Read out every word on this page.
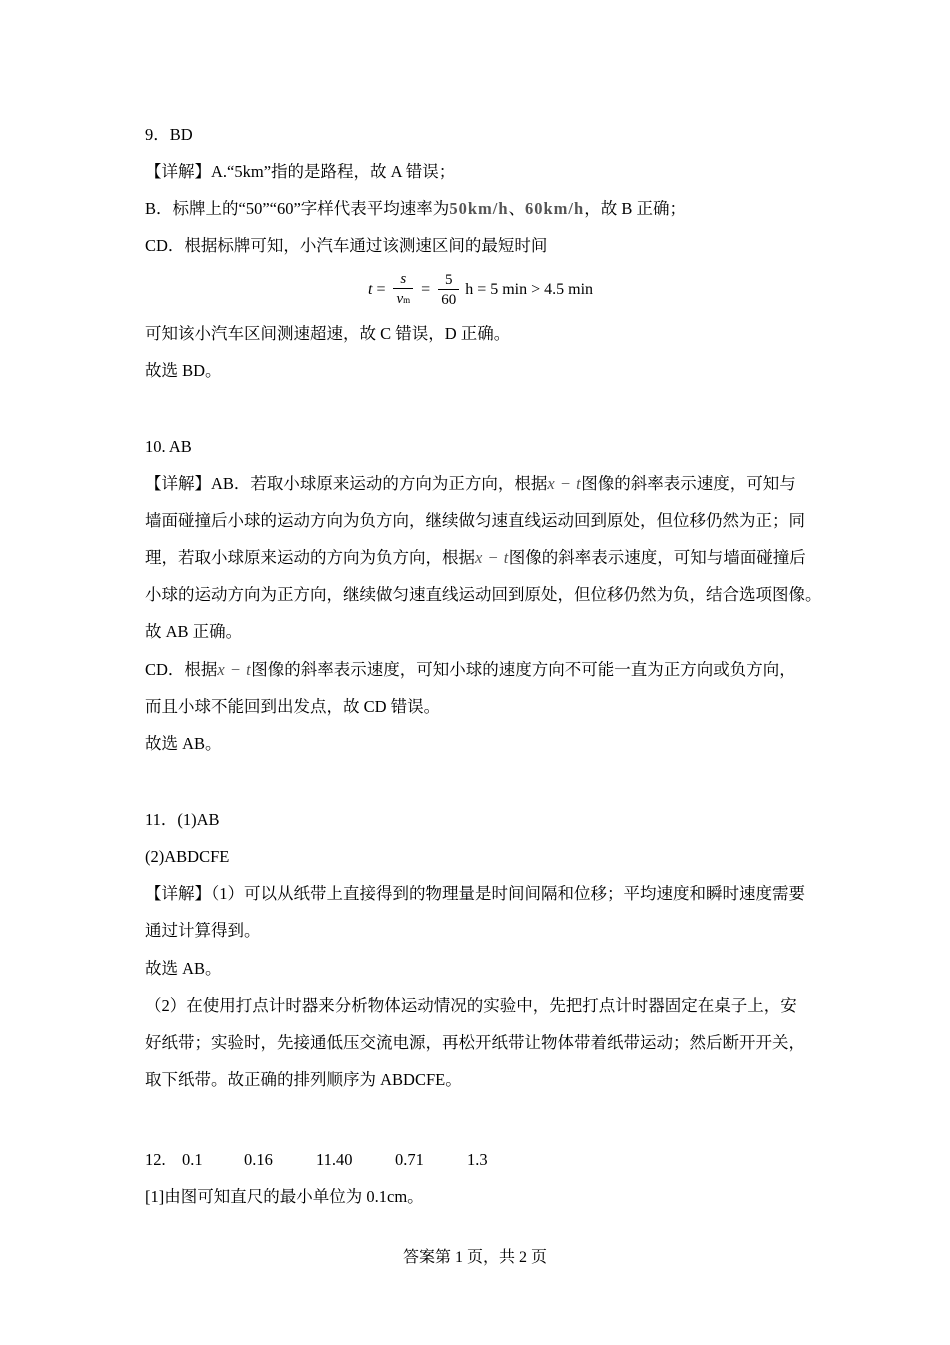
9．BD
【详解】A.“5km”指的是路程，故 A 错误；
B．标牌上的“50”“60”字样代表平均速率为50km/h、60km/h，故 B 正确；
CD．根据标牌可知，小汽车通过该测速区间的最短时间
$t = \frac{s}{vm} = \frac{5}{60}$ h = 5 min > 4.5 min
可知该小汽车区间测速超速，故 C 错误，D 正确。
故选 BD。
10. AB
【详解】AB．若取小球原来运动的方向为正方向，根据x − t图像的斜率表示速度，可知与
墙面碰撞后小球的运动方向为负方向，继续做匀速直线运动回到原处，但位移仍然为正；同
理，若取小球原来运动的方向为负方向，根据x − t图像的斜率表示速度，可知与墙面碰撞后
小球的运动方向为正方向，继续做匀速直线运动回到原处，但位移仍然为负，结合选项图像。
故 AB 正确。
CD．根据x − t图像的斜率表示速度，可知小球的速度方向不可能一直为正方向或负方向，
而且小球不能回到出发点，故 CD 错误。
故选 AB。
11．(1)AB
(2)ABDCFE
【详解】（1）可以从纸带上直接得到的物理量是时间间隔和位移；平均速度和瞬时速度需要
通过计算得到。
故选 AB。
（2）在使用打点计时器来分析物体运动情况的实验中，先把打点计时器固定在桌子上，安
好纸带；实验时，先接通低压交流电源，再松开纸带让物体带着纸带运动；然后断开开关，
取下纸带。故正确的排列顺序为 ABDCFE。
12. 0.1	0.16	11.40	0.71	1.3
[1]由图可知直尺的最小单位为 0.1cm。
答案第 1 页，共 2 页
